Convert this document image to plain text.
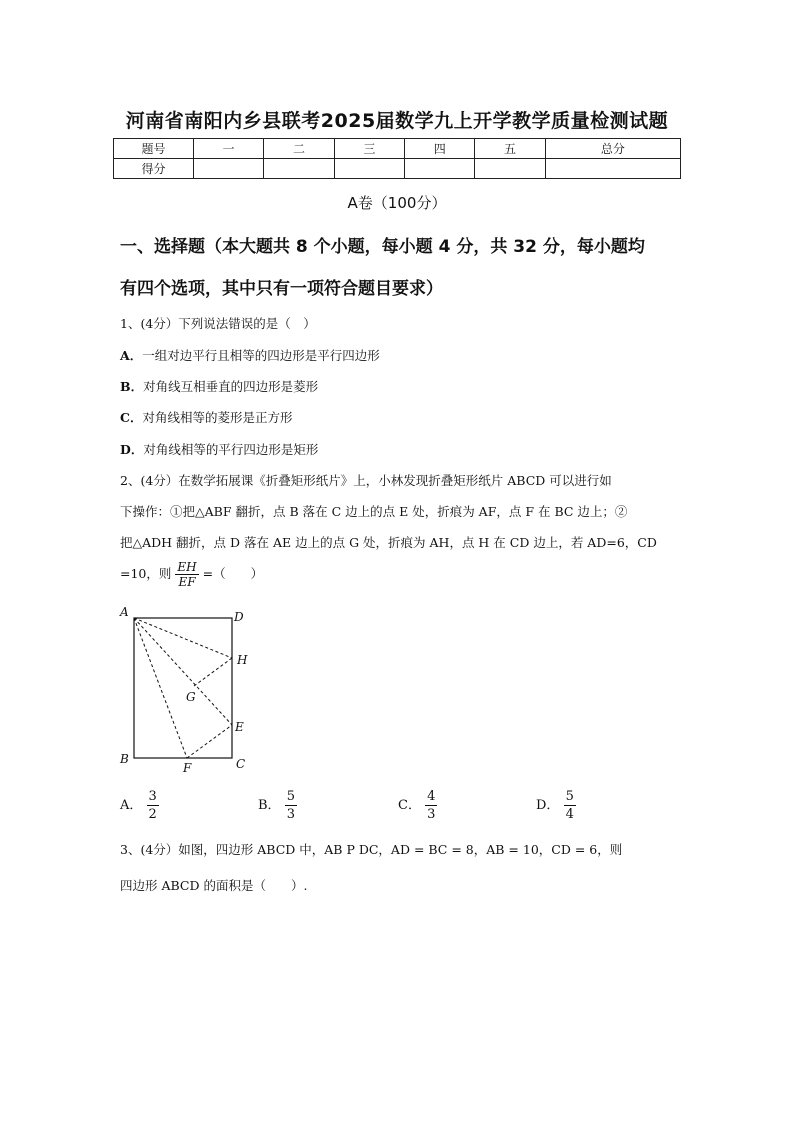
河南省南阳内乡县联考2025届数学九上开学教学质量检测试题
题号	一	二	三	四	五	总分
得分						
A卷（100分）
一、选择题（本大题共 8 个小题，每小题 4 分，共 32 分，每小题均
有四个选项，其中只有一项符合题目要求）
1、(4分）下列说法错误的是（　）
A．一组对边平行且相等的四边形是平行四边形
B．对角线互相垂直的四边形是菱形
C．对角线相等的菱形是正方形
D．对角线相等的平行四边形是矩形
2、(4分）在数学拓展课《折叠矩形纸片》上，小林发现折叠矩形纸片 ABCD 可以进行如
下操作：①把△ABF 翻折，点 B 落在 C 边上的点 E 处，折痕为 AF，点 F 在 BC 边上；②
把△ADH 翻折，点 D 落在 AE 边上的点 G 处，折痕为 AH，点 H 在 CD 边上，若 AD=6，CD
=10，则 $\frac{EH}{EF}$ =（　　）
A	D
H
G
E
B
F	C
A． $\frac{3}{2}$	B． $\frac{5}{3}$	C． $\frac{4}{3}$	D． $\frac{5}{4}$
3、(4分）如图，四边形 ABCD 中，AB P DC，AD = BC = 8，AB = 10，CD = 6，则
四边形 ABCD 的面积是（　　）.
